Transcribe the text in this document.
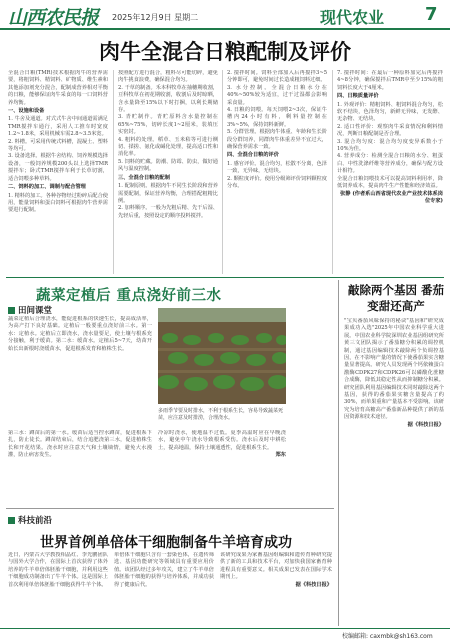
山西农民报 2025年12月9日 星期二	现代农业 7
肉牛全混合日粮配制及评价
全混合日粮(TMR)技术根据肉牛的营养需要，将粗饲料、精饲料、矿物质、维生素和其他添加剂充分混合，配制成营养相对平衡的日粮，能够保证肉牛采食的每一口饲料营养均衡。
一、设施和设备
1. 牛舍及通道。对式式牛舍中间通道需满足TMR搅拌车通行，采用人工推车时宽度1.2~1.8米，采用机械车需2.8~3.5米宽。
2. 料槽。可采用传统式料槽，混凝土、塑料等均可。
3. 设备选择。根据牛舍结构、饲养规模选择设备，一般饲养规模200头以上选择TMR搅拌车；卧式TMR搅拌车利于长草切割，适合饲喂多种草料。
二、饲料的加工、调制与配合管理
1. 精料的加工。各种谷物经过粉碎后配合使用，能量饲料和蛋白饲料可根据肉牛营养需要进行配制。
按照配方进行混合，粗料尽可能切碎，避免肉牛挑食浪费，确保混合均匀。
2. 干草的制备。禾本科牧草在抽穗期收割，豆科牧草在初花期收割，收割后及时晾晒，含水量降至15%以下时打捆，以利长期储存。
3. 青贮制作。青贮原料含水量控制在65%~75%，切碎长度1~2厘米，装填压实密封。
4. 粗料的处理。稻草、玉米秸等可进行铡切、揉搓、氨化或碱化处理，提高适口性和消化率。
5. 饲料的贮藏。防潮、防霉、防虫，做好通风与温度控制。
三、全混合日粮的配制
1. 配制原则。根据肉牛不同生长阶段和营养需要配制，保证营养均衡，合理搭配粗精比例。
2. 加料顺序。一般为先粗后精、先干后湿、先轻后重，按照设定的顺序投料搅拌。
2. 搅拌时间。饲料全部加入后再搅拌3~5分钟即可，避免时间过长造成粗饲料过细。
3. 水分控制。全混合日粮水分在40%~50%较为适宜，过干过湿都会影响采食量。
4. 日粮的饲喂。每天饲喂2~3次，保证牛槽内24小时有料，剩料量控制在3%~5%，保持饲料新鲜。
5. 分群管理。根据肉牛体重、年龄和生长阶段分群饲养，同群肉牛体重差异不宜过大，确保营养需求一致。
四、全混合日粮的评价
1. 感官评价。混合均匀，松散不分离，色泽一致，无异味，无结块。
2. 颗粒度评价。使用分级筛评价饲料颗粒度分布。
7. 搅拌时间：在最后一种原料加完后再搅拌4~8分钟，确保搅拌后TMR中至少15%的粗饲料长度大于4厘米。
四、日粮质量评价
1. 外观评价：精粗饲料、粗饲料混合均匀，松软不结块，色泽均匀，新鲜无异味，无发酵、无杂物、无结块。
2. 适口性评价：观察肉牛采食情况和剩料情况，判断日粮配制是否合理。
3. 混合均匀度：混合均匀度变异系数小于10%为佳。
4. 营养成分：检测全混合日粮的水分、粗蛋白、中性洗涤纤维等营养成分，确保与配方设计相符。
全混合日粮饲喂技术可以提高饲料利用率，降低饲养成本，提高肉牛生产性能和经济效益。
张静 (作者系山西省现代农业产业技术体系岗位专家)
蔬菜定植后 重点浇好前三水
田间课堂
蔬菜定植后合理浇水，能促进根系的快速生长，提高成活率，为高产打下良好基础。定植后一般要重点浇好前三水。第一水：定植水。定植后立即浇水，浇水量要足，使土壤与根系充分接触，利于缓苗。第二水：缓苗水。定植后5~7天，幼苗开始长出新根时浇缓苗水，促进根系发育和植株生长。
多雨季节要及时排水，不利于根系生长，容易导致蔬菜死苗，应注意及时排涝，合理浇水。
第三水：蹲苗后的第一水。缓苗后适当控水蹲苗，促进根系下扎，防止徒长。蹲苗结束后，结合追肥浇第三水，促进植株生长和开花结果。浇水时应注意天气和土壤墒情，避免大水漫灌，防止病害发生。
冷凉时浇水，使地温不过低。夏季高温时应在早晚浇水，避免中午浇水导致根系受伤。浇水后及时中耕松土，提高地温，保持土壤通透性，促进根系生长。
郑东
敲除两个基因 番茄变甜还高产
"宝贝番茄风味保持的秘诀"基因和"研究成果成功入选"2025年中国农业科学重大进展。中国农业科学院深圳农业基因组研究所黄三文团队揭示了番茄糖分积累的调控机制，通过基因编辑技术敲除两个负调控基因，在不影响产量的情况下使番茄果实含糖量显著提高。研究人员发现两个钙依赖蛋白激酶CDPK27和CDPK26可以磷酸化蔗糖合成酶，降低其稳定性从而抑制糖分积累。研究团队利用基因编辑技术同时敲除这两个基因，获得的番茄果实糖含量提高了约30%，而单果重和产量基本不受影响。该研究为培育高糖高产番茄新品种提供了新的基因资源和技术途径。
据《科技日报》
科技前沿
世界首例单倍体干细胞制备牛羊培育成功
近日，内蒙古大学教授相晶红、李光鹏团队与国外大学合作，在国际上首次获得了体外培养的牛羊单倍体胚胎干细胞，并利用这些干细胞成功制备出了牛羊个体。这是国际上首次利用单倍体胚胎干细胞获得牛羊个体。
单倍体干细胞只含有一套染色体，在遗传筛选、基因功能研究等领域具有重要应用价值。该团队经过多年攻关，建立了牛羊单倍体胚胎干细胞的获得与培养体系，并成功获得了健康后代。
该研究成果为家畜基因组编辑和遗传育种研究提供了新的工具和技术平台，对加快我国家畜育种进程具有重要意义。相关成果已发表在国际学术期刊上。
据《科技日报》
校编邮箱: caxmbk@sh163.com
